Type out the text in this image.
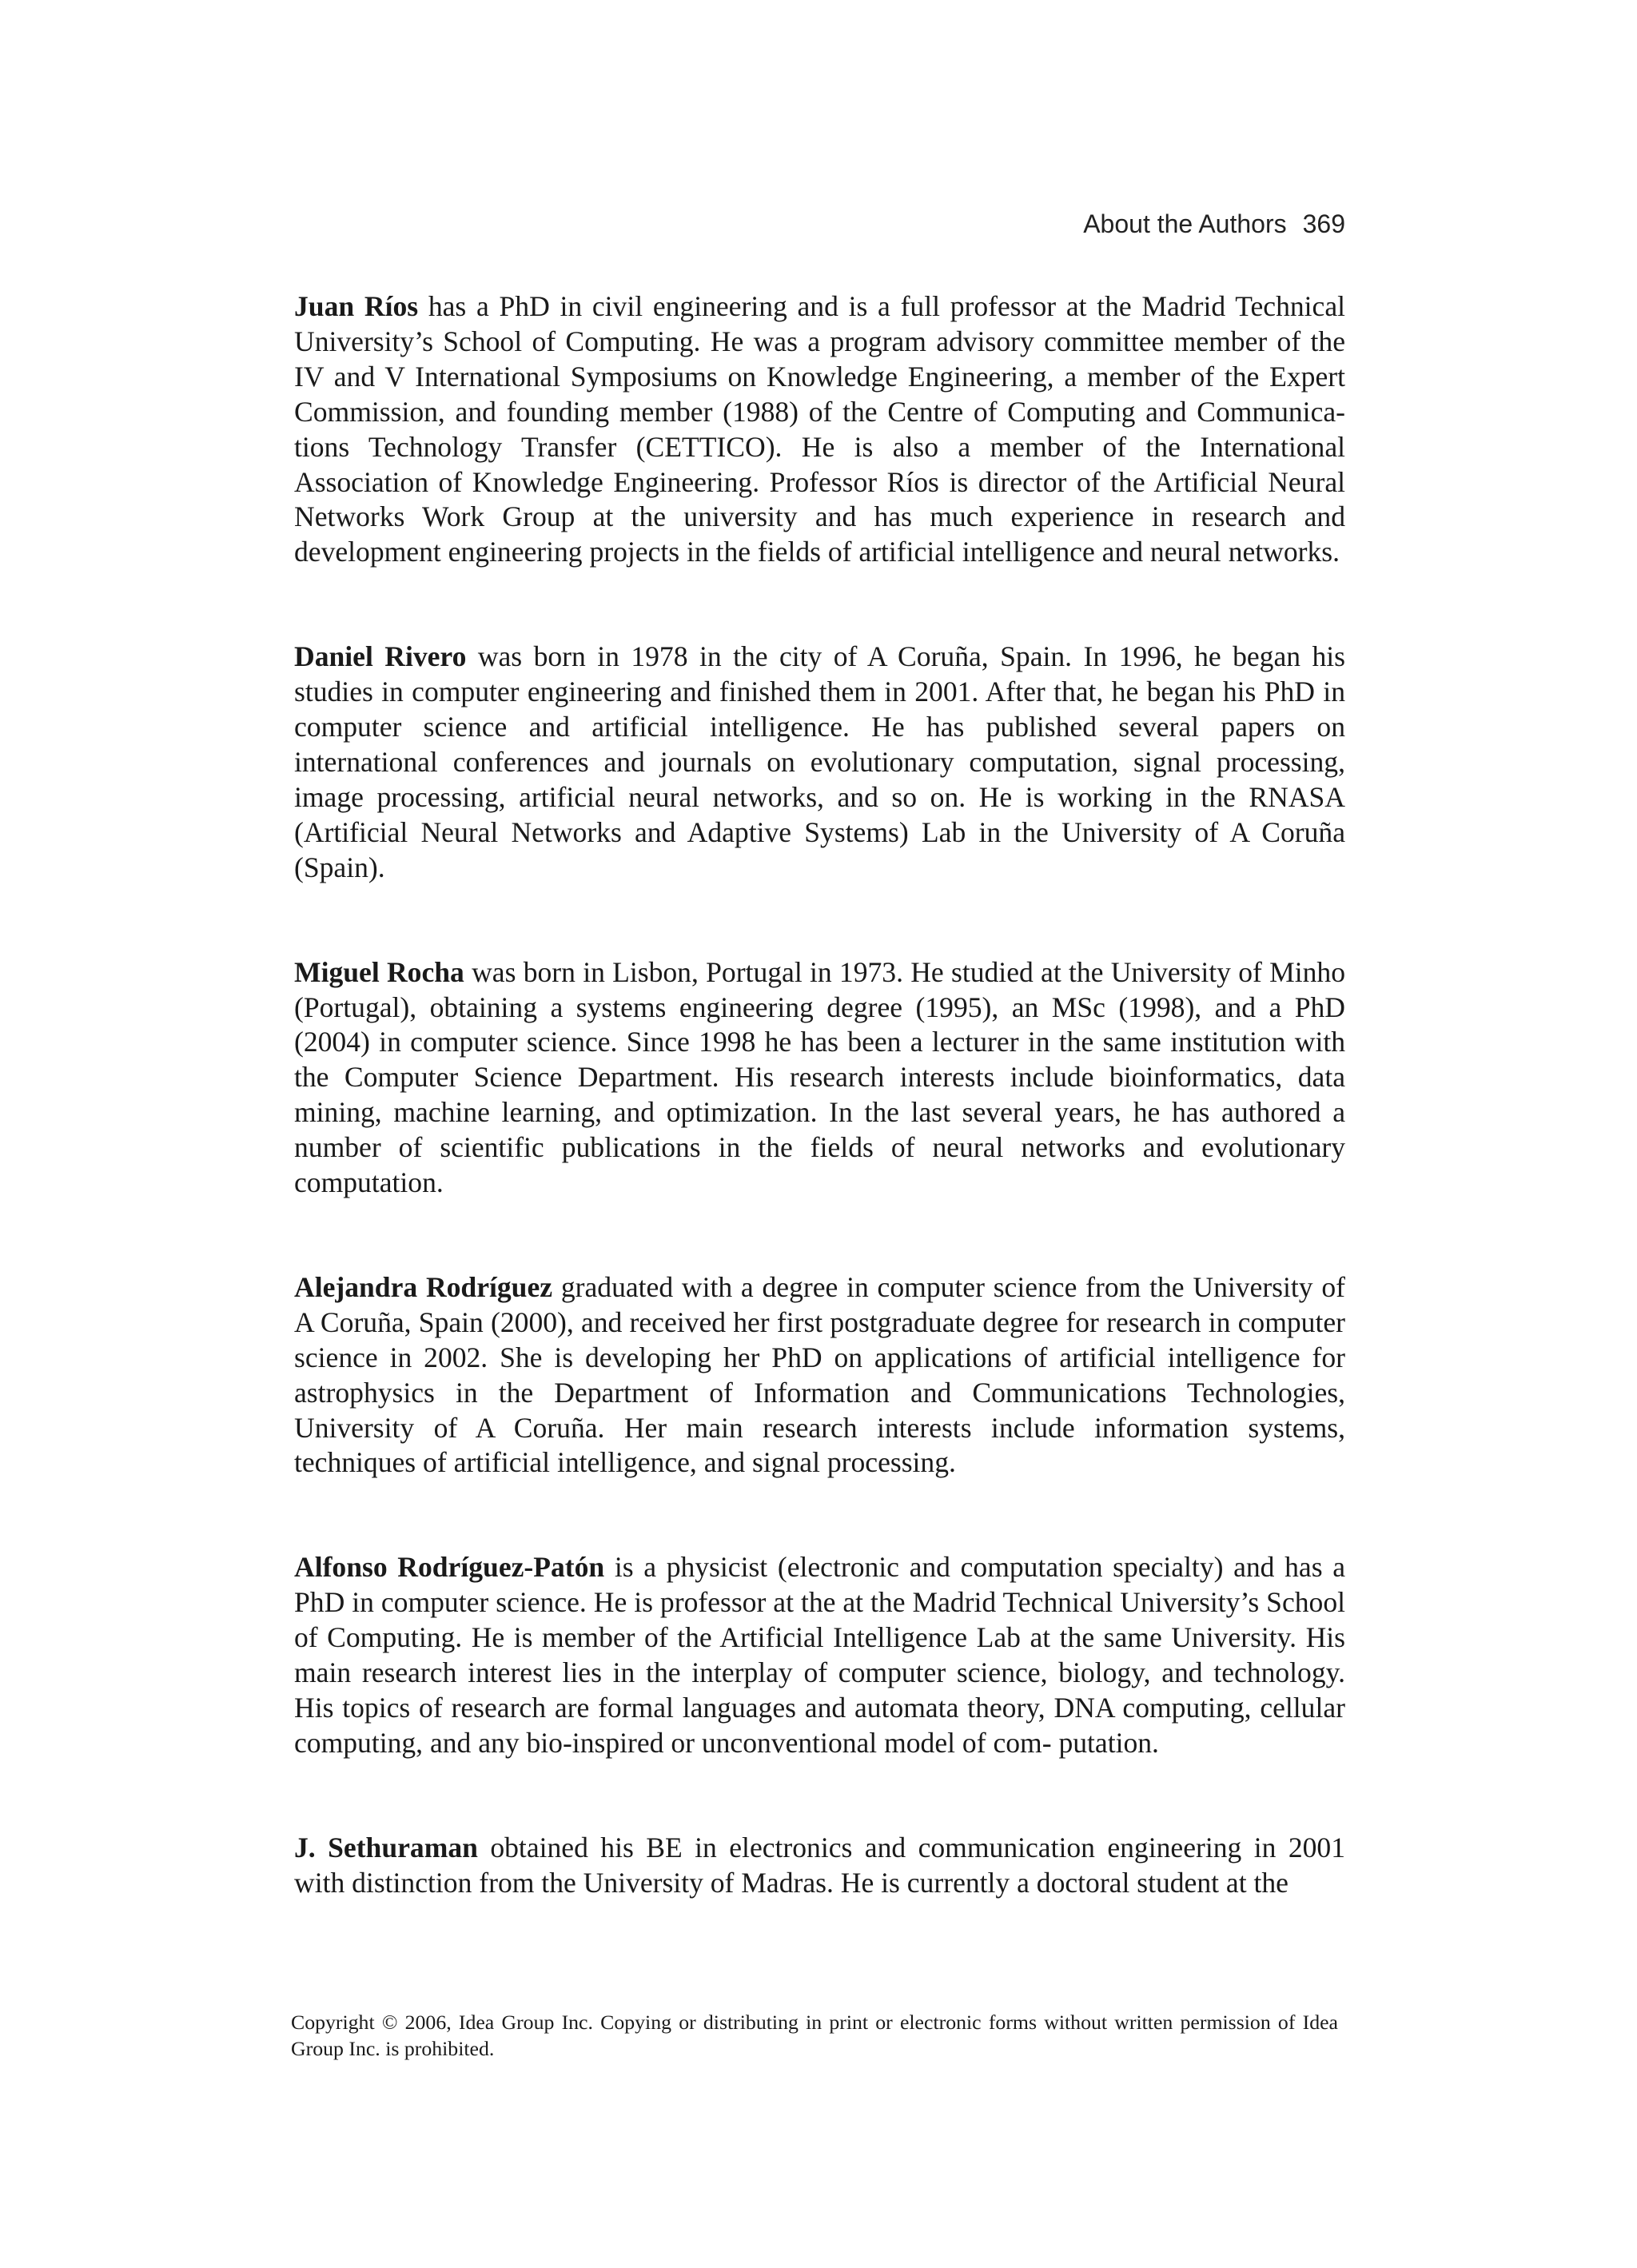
About the Authors 369

Juan Ríos has a PhD in civil engineering and is a full professor at the Madrid Technical University’s School of Computing. He was a program advisory committee member of the IV and V International Symposiums on Knowledge Engineering, a member of the Expert Commission, and founding member (1988) of the Centre of Computing and Communica- tions Technology Transfer (CETTICO). He is also a member of the International Association of Knowledge Engineering. Professor Ríos is director of the Artificial Neural Networks Work Group at the university and has much experience in research and development engineering projects in the fields of artificial intelligence and neural networks.

Daniel Rivero was born in 1978 in the city of A Coruña, Spain. In 1996, he began his studies in computer engineering and finished them in 2001. After that, he began his PhD in computer science and artificial intelligence. He has published several papers on international conferences and journals on evolutionary computation, signal processing, image processing, artificial neural networks, and so on. He is working in the RNASA (Artificial Neural Networks and Adaptive Systems) Lab in the University of A Coruña (Spain).

Miguel Rocha was born in Lisbon, Portugal in 1973. He studied at the University of Minho (Portugal), obtaining a systems engineering degree (1995), an MSc (1998), and a PhD (2004) in computer science. Since 1998 he has been a lecturer in the same institution with the Computer Science Department. His research interests include bioinformatics, data mining, machine learning, and optimization. In the last several years, he has authored a number of scientific publications in the fields of neural networks and evolutionary computation.

Alejandra Rodríguez graduated with a degree in computer science from the University of A Coruña, Spain (2000), and received her first postgraduate degree for research in computer science in 2002. She is developing her PhD on applications of artificial intelligence for astrophysics in the Department of Information and Communications Technologies, University of A Coruña. Her main research interests include information systems, techniques of artificial intelligence, and signal processing.

Alfonso Rodríguez-Patón is a physicist (electronic and computation specialty) and has a PhD in computer science. He is professor at the at the Madrid Technical University’s School of Computing. He is member of the Artificial Intelligence Lab at the same University. His main research interest lies in the interplay of computer science, biology, and technology. His topics of research are formal languages and automata theory, DNA computing, cellular computing, and any bio-inspired or unconventional model of com- putation.

J. Sethuraman obtained his BE in electronics and communication engineering in 2001 with distinction from the University of Madras. He is currently a doctoral student at the

Copyright © 2006, Idea Group Inc. Copying or distributing in print or electronic forms without written permission of Idea Group Inc. is prohibited.
